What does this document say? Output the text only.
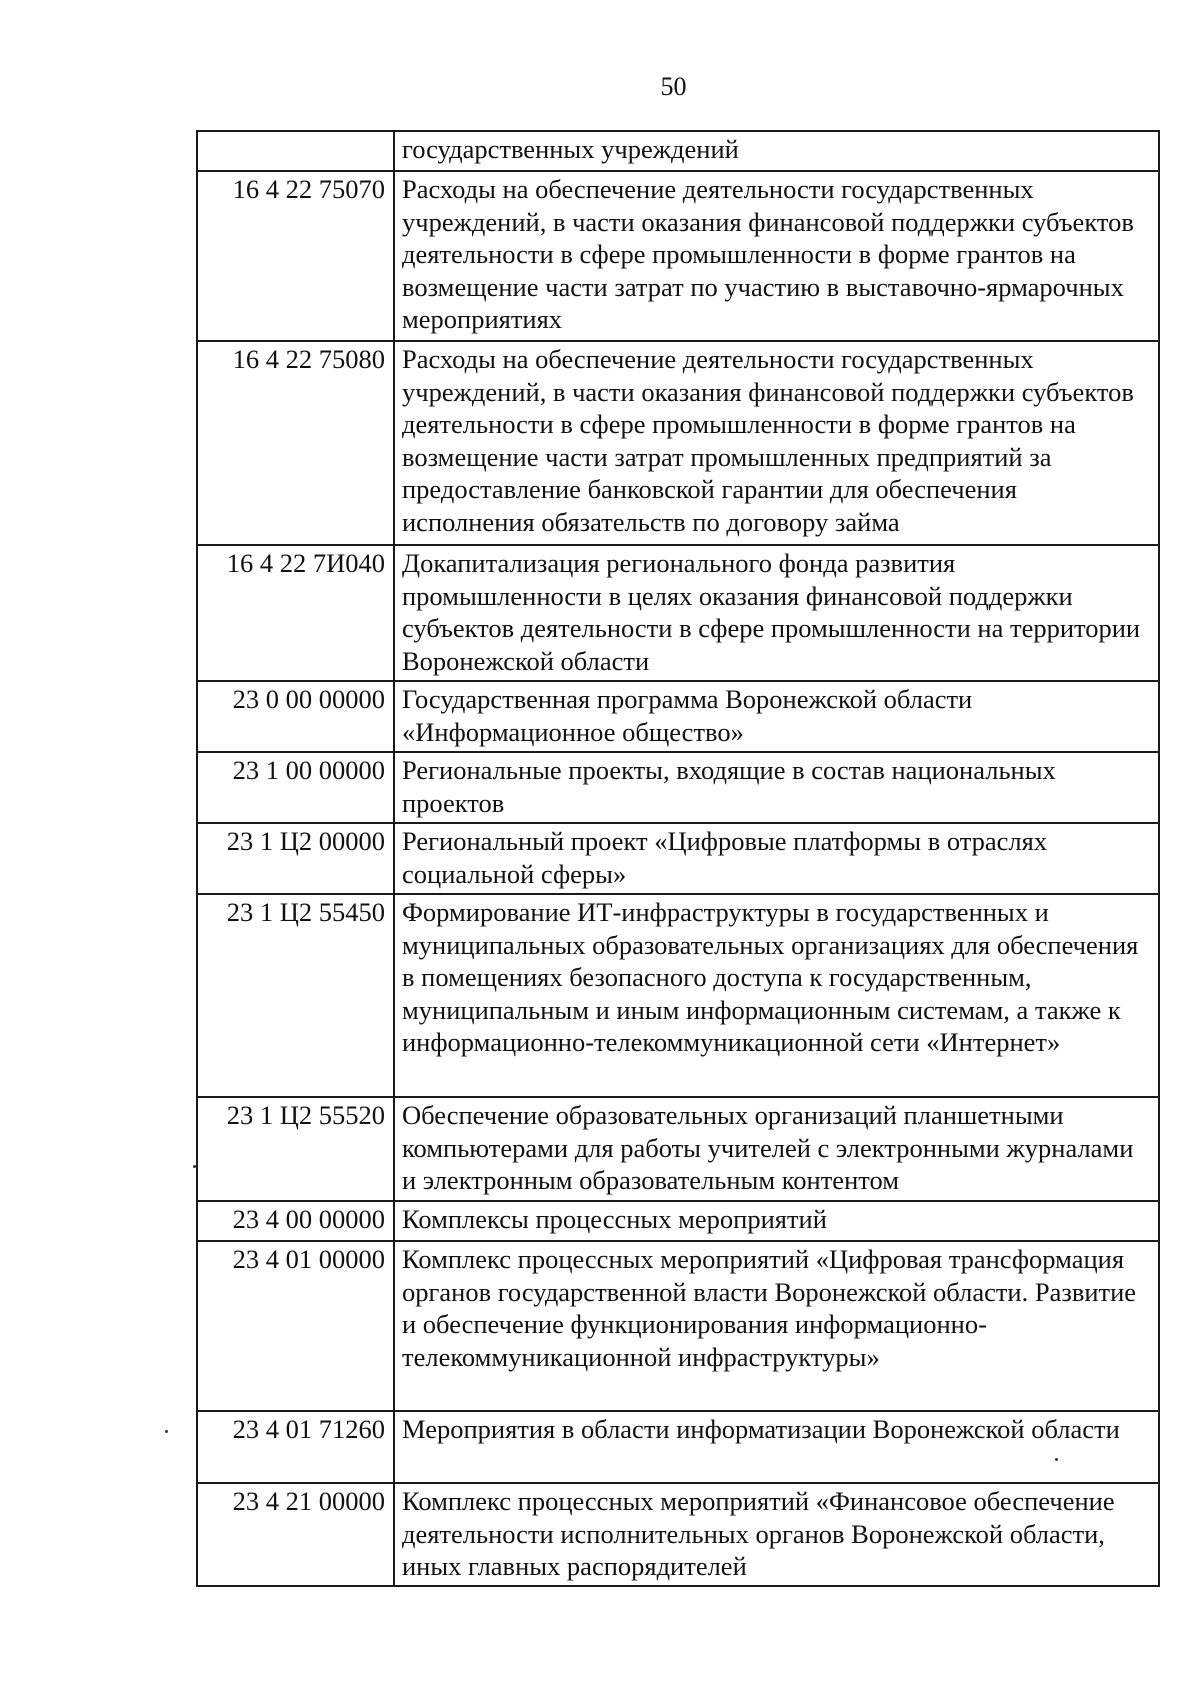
50
	государственных учреждений
16 4 22 75070	Расходы на обеспечение деятельности государственных учреждений, в части оказания финансовой поддержки субъектов деятельности в сфере промышленности в форме грантов на возмещение части затрат по участию в выставочно-ярмарочных мероприятиях
16 4 22 75080	Расходы на обеспечение деятельности государственных учреждений, в части оказания финансовой поддержки субъектов деятельности в сфере промышленности в форме грантов на возмещение части затрат промышленных предприятий за предоставление банковской гарантии для обеспечения исполнения обязательств по договору займа
16 4 22 7И040	Докапитализация регионального фонда развития промышленности в целях оказания финансовой поддержки субъектов деятельности в сфере промышленности на территории Воронежской области
23 0 00 00000	Государственная программа Воронежской области «Информационное общество»
23 1 00 00000	Региональные проекты, входящие в состав национальных проектов
23 1 Ц2 00000	Региональный проект «Цифровые платформы в отраслях социальной сферы»
23 1 Ц2 55450	Формирование ИТ-инфраструктуры в государственных и муниципальных образовательных организациях для обеспечения в помещениях безопасного доступа к государственным, муниципальным и иным информационным системам, а также к информационно-телекоммуникационной сети «Интернет»
23 1 Ц2 55520	Обеспечение образовательных организаций планшетными компьютерами для работы учителей с электронными журналами и электронным образовательным контентом
23 4 00 00000	Комплексы процессных мероприятий
23 4 01 00000	Комплекс процессных мероприятий «Цифровая трансформация органов государственной власти Воронежской области. Развитие и обеспечение функционирования информационно-телекоммуникационной инфраструктуры»
23 4 01 71260	Мероприятия в области информатизации Воронежской области
23 4 21 00000	Комплекс процессных мероприятий «Финансовое обеспечение деятельности исполнительных органов Воронежской области, иных главных распорядителей
